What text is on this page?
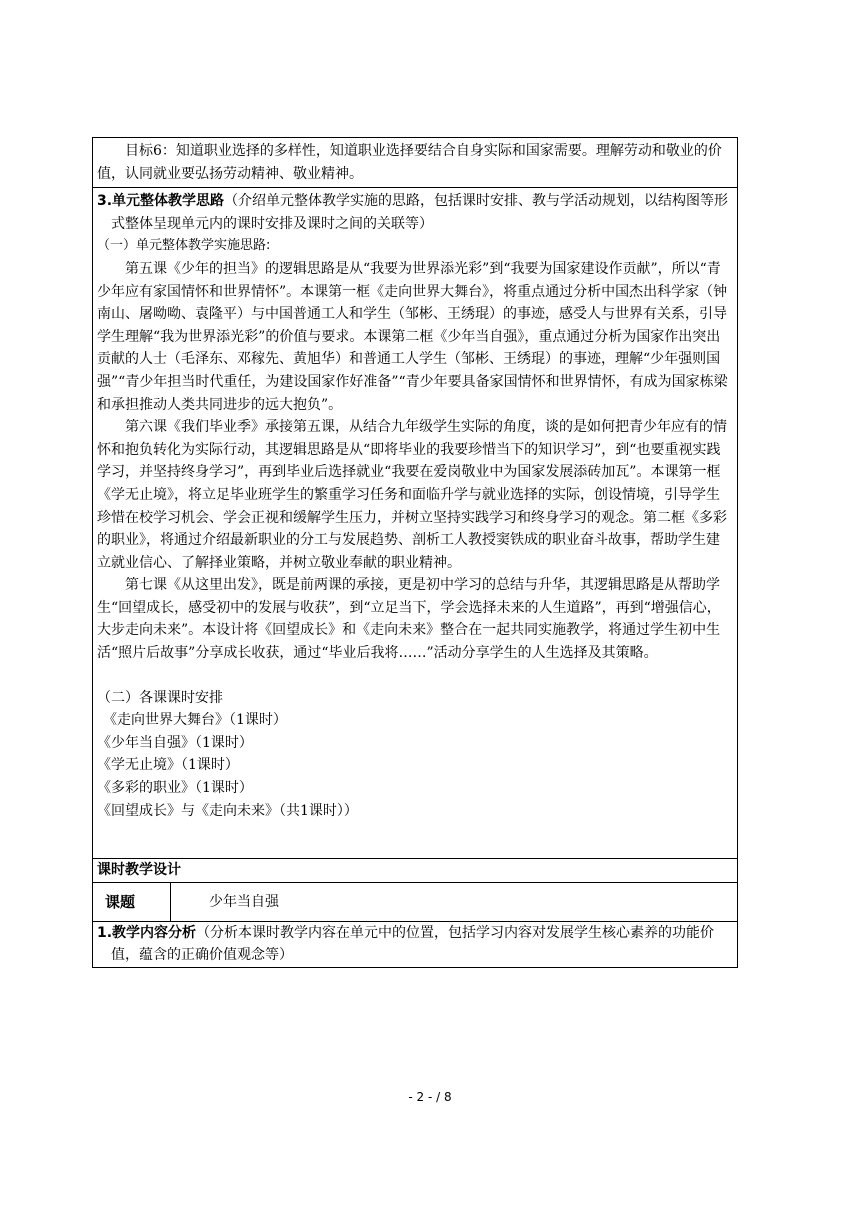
目标6：知道职业选择的多样性，知道职业选择要结合自身实际和国家需要。理解劳动和敬业的价值，认同就业要弘扬劳动精神、敬业精神。

3.单元整体教学思路（介绍单元整体教学实施的思路，包括课时安排、教与学活动规划，以结构图等形式整体呈现单元内的课时安排及课时之间的关联等）

（一）单元整体教学实施思路:

第五课《少年的担当》的逻辑思路是从“我要为世界添光彩”到“我要为国家建设作贡献”，所以“青少年应有家国情怀和世界情怀”。本课第一框《走向世界大舞台》，将重点通过分析中国杰出科学家（钟南山、屠呦呦、袁隆平）与中国普通工人和学生（邹彬、王绣琨）的事迹，感受人与世界有关系，引导学生理解“我为世界添光彩”的价值与要求。本课第二框《少年当自强》，重点通过分析为国家作出突出贡献的人士（毛泽东、邓稼先、黄旭华）和普通工人学生（邹彬、王绣琨）的事迹，理解“少年强则国强”“青少年担当时代重任，为建设国家作好准备”“青少年要具备家国情怀和世界情怀，有成为国家栋梁和承担推动人类共同进步的远大抱负”。

第六课《我们毕业季》承接第五课，从结合九年级学生实际的角度，谈的是如何把青少年应有的情怀和抱负转化为实际行动，其逻辑思路是从“即将毕业的我要珍惜当下的知识学习”，到“也要重视实践学习，并坚持终身学习”，再到毕业后选择就业“我要在爱岗敬业中为国家发展添砖加瓦”。本课第一框《学无止境》，将立足毕业班学生的繁重学习任务和面临升学与就业选择的实际，创设情境，引导学生珍惜在校学习机会、学会正视和缓解学生压力，并树立坚持实践学习和终身学习的观念。第二框《多彩的职业》，将通过介绍最新职业的分工与发展趋势、剖析工人教授窦铁成的职业奋斗故事，帮助学生建立就业信心、了解择业策略，并树立敬业奉献的职业精神。

第七课《从这里出发》，既是前两课的承接，更是初中学习的总结与升华，其逻辑思路是从帮助学生“回望成长，感受初中的发展与收获”，到“立足当下，学会选择未来的人生道路”，再到“增强信心，大步走向未来”。本设计将《回望成长》和《走向未来》整合在一起共同实施教学，将通过学生初中生活“照片后故事”分享成长收获，通过“毕业后我将……”活动分享学生的人生选择及其策略。

（二）各课课时安排

《走向世界大舞台》（1课时）

《少年当自强》（1课时）

《学无止境》（1课时）

《多彩的职业》（1课时）

《回望成长》与《走向未来》（共1课时））

课时教学设计
课题	少年当自强

1.教学内容分析（分析本课时教学内容在单元中的位置，包括学习内容对发展学生核心素养的功能价值，蕴含的正确价值观念等）

- 2 - / 8
